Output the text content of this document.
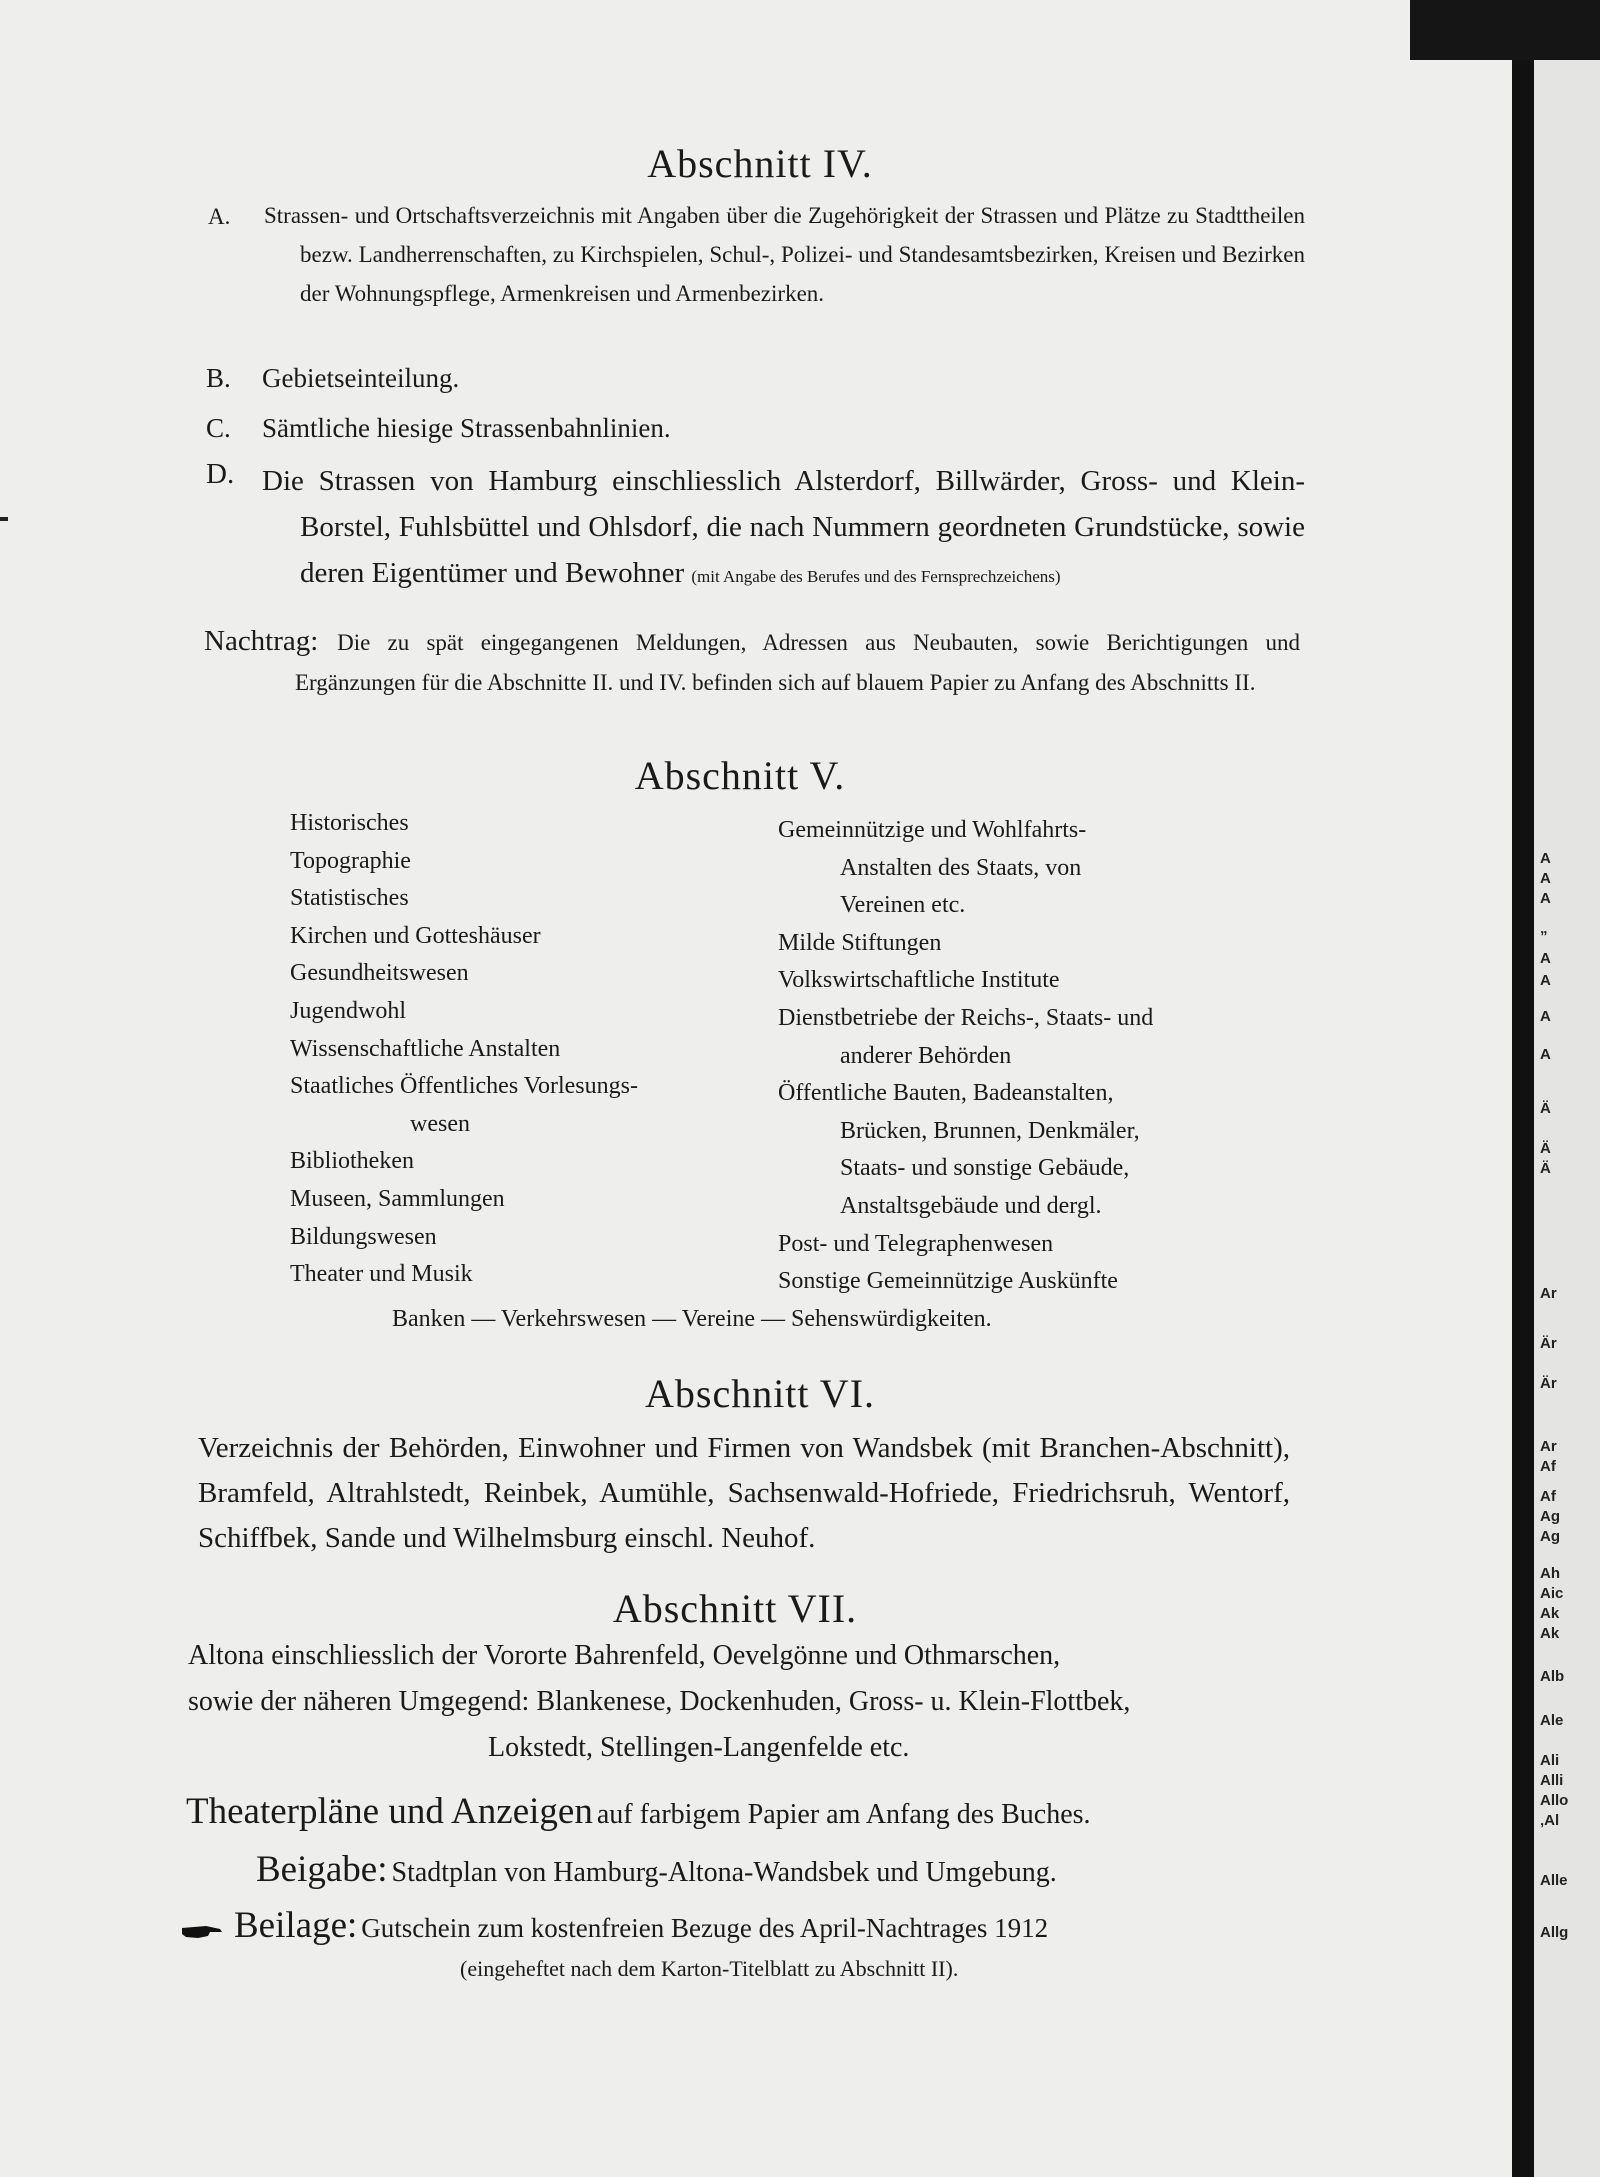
Abschnitt IV.
A. Strassen- und Ortschaftsverzeichnis mit Angaben über die Zugehörigkeit der Strassen und Plätze zu Stadttheilen bezw. Landherrenschaften, zu Kirchspielen, Schul-, Polizei- und Standesamtsbezirken, Kreisen und Bezirken der Wohnungspflege, Armenkreisen und Armenbezirken.
B. Gebietseinteilung.
C. Sämtliche hiesige Strassenbahnlinien.
D. Die Strassen von Hamburg einschliesslich Alsterdorf, Billwärder, Gross- und Klein-Borstel, Fuhlsbüttel und Ohlsdorf, die nach Nummern geordneten Grundstücke, sowie deren Eigentümer und Bewohner (mit Angabe des Berufes und des Fernsprechzeichens)
Nachtrag: Die zu spät eingegangenen Meldungen, Adressen aus Neubauten, sowie Berichtigungen und Ergänzungen für die Abschnitte II. und IV. befinden sich auf blauem Papier zu Anfang des Abschnitts II.
Abschnitt V.
Historisches
Topographie
Statistisches
Kirchen und Gotteshäuser
Gesundheitswesen
Jugendwohl
Wissenschaftliche Anstalten
Staatliches Öffentliches Vorlesungs-
wesen
Bibliotheken
Museen, Sammlungen
Bildungswesen
Theater und Musik
Gemeinnützige und Wohlfahrts-
Anstalten des Staats, von
Vereinen etc.
Milde Stiftungen
Volkswirtschaftliche Institute
Dienstbetriebe der Reichs-, Staats- und
anderer Behörden
Öffentliche Bauten, Badeanstalten,
Brücken, Brunnen, Denkmäler,
Staats- und sonstige Gebäude,
Anstaltsgebäude und dergl.
Post- und Telegraphenwesen
Sonstige Gemeinnützige Auskünfte
Banken — Verkehrswesen — Vereine — Sehenswürdigkeiten.
Abschnitt VI.
Verzeichnis der Behörden, Einwohner und Firmen von Wandsbek (mit Branchen-Abschnitt), Bramfeld, Altrahlstedt, Reinbek, Aumühle, Sachsenwald-Hofriede, Friedrichsruh, Wentorf, Schiffbek, Sande und Wilhelmsburg einschl. Neuhof.
Abschnitt VII.
Altona einschliesslich der Vororte Bahrenfeld, Oevelgönne und Othmarschen,
sowie der näheren Umgegend: Blankenese, Dockenhuden, Gross- u. Klein-Flottbek,
Lokstedt, Stellingen-Langenfelde etc.
Theaterpläne und Anzeigen auf farbigem Papier am Anfang des Buches.
Beigabe: Stadtplan von Hamburg-Altona-Wandsbek und Umgebung.
Beilage: Gutschein zum kostenfreien Bezuge des April-Nachtrages 1912
(eingeheftet nach dem Karton-Titelblatt zu Abschnitt II).
A
A
A
„
A
A
A
A
Ä
Ä
Ä
Ar
Är
Är
Ar
Af
Af
Ag
Ag
Ah
Aic
Ak
Ak
Alb
Ale
Ali
Alli
Allo
‚Al
Alle
Allg
